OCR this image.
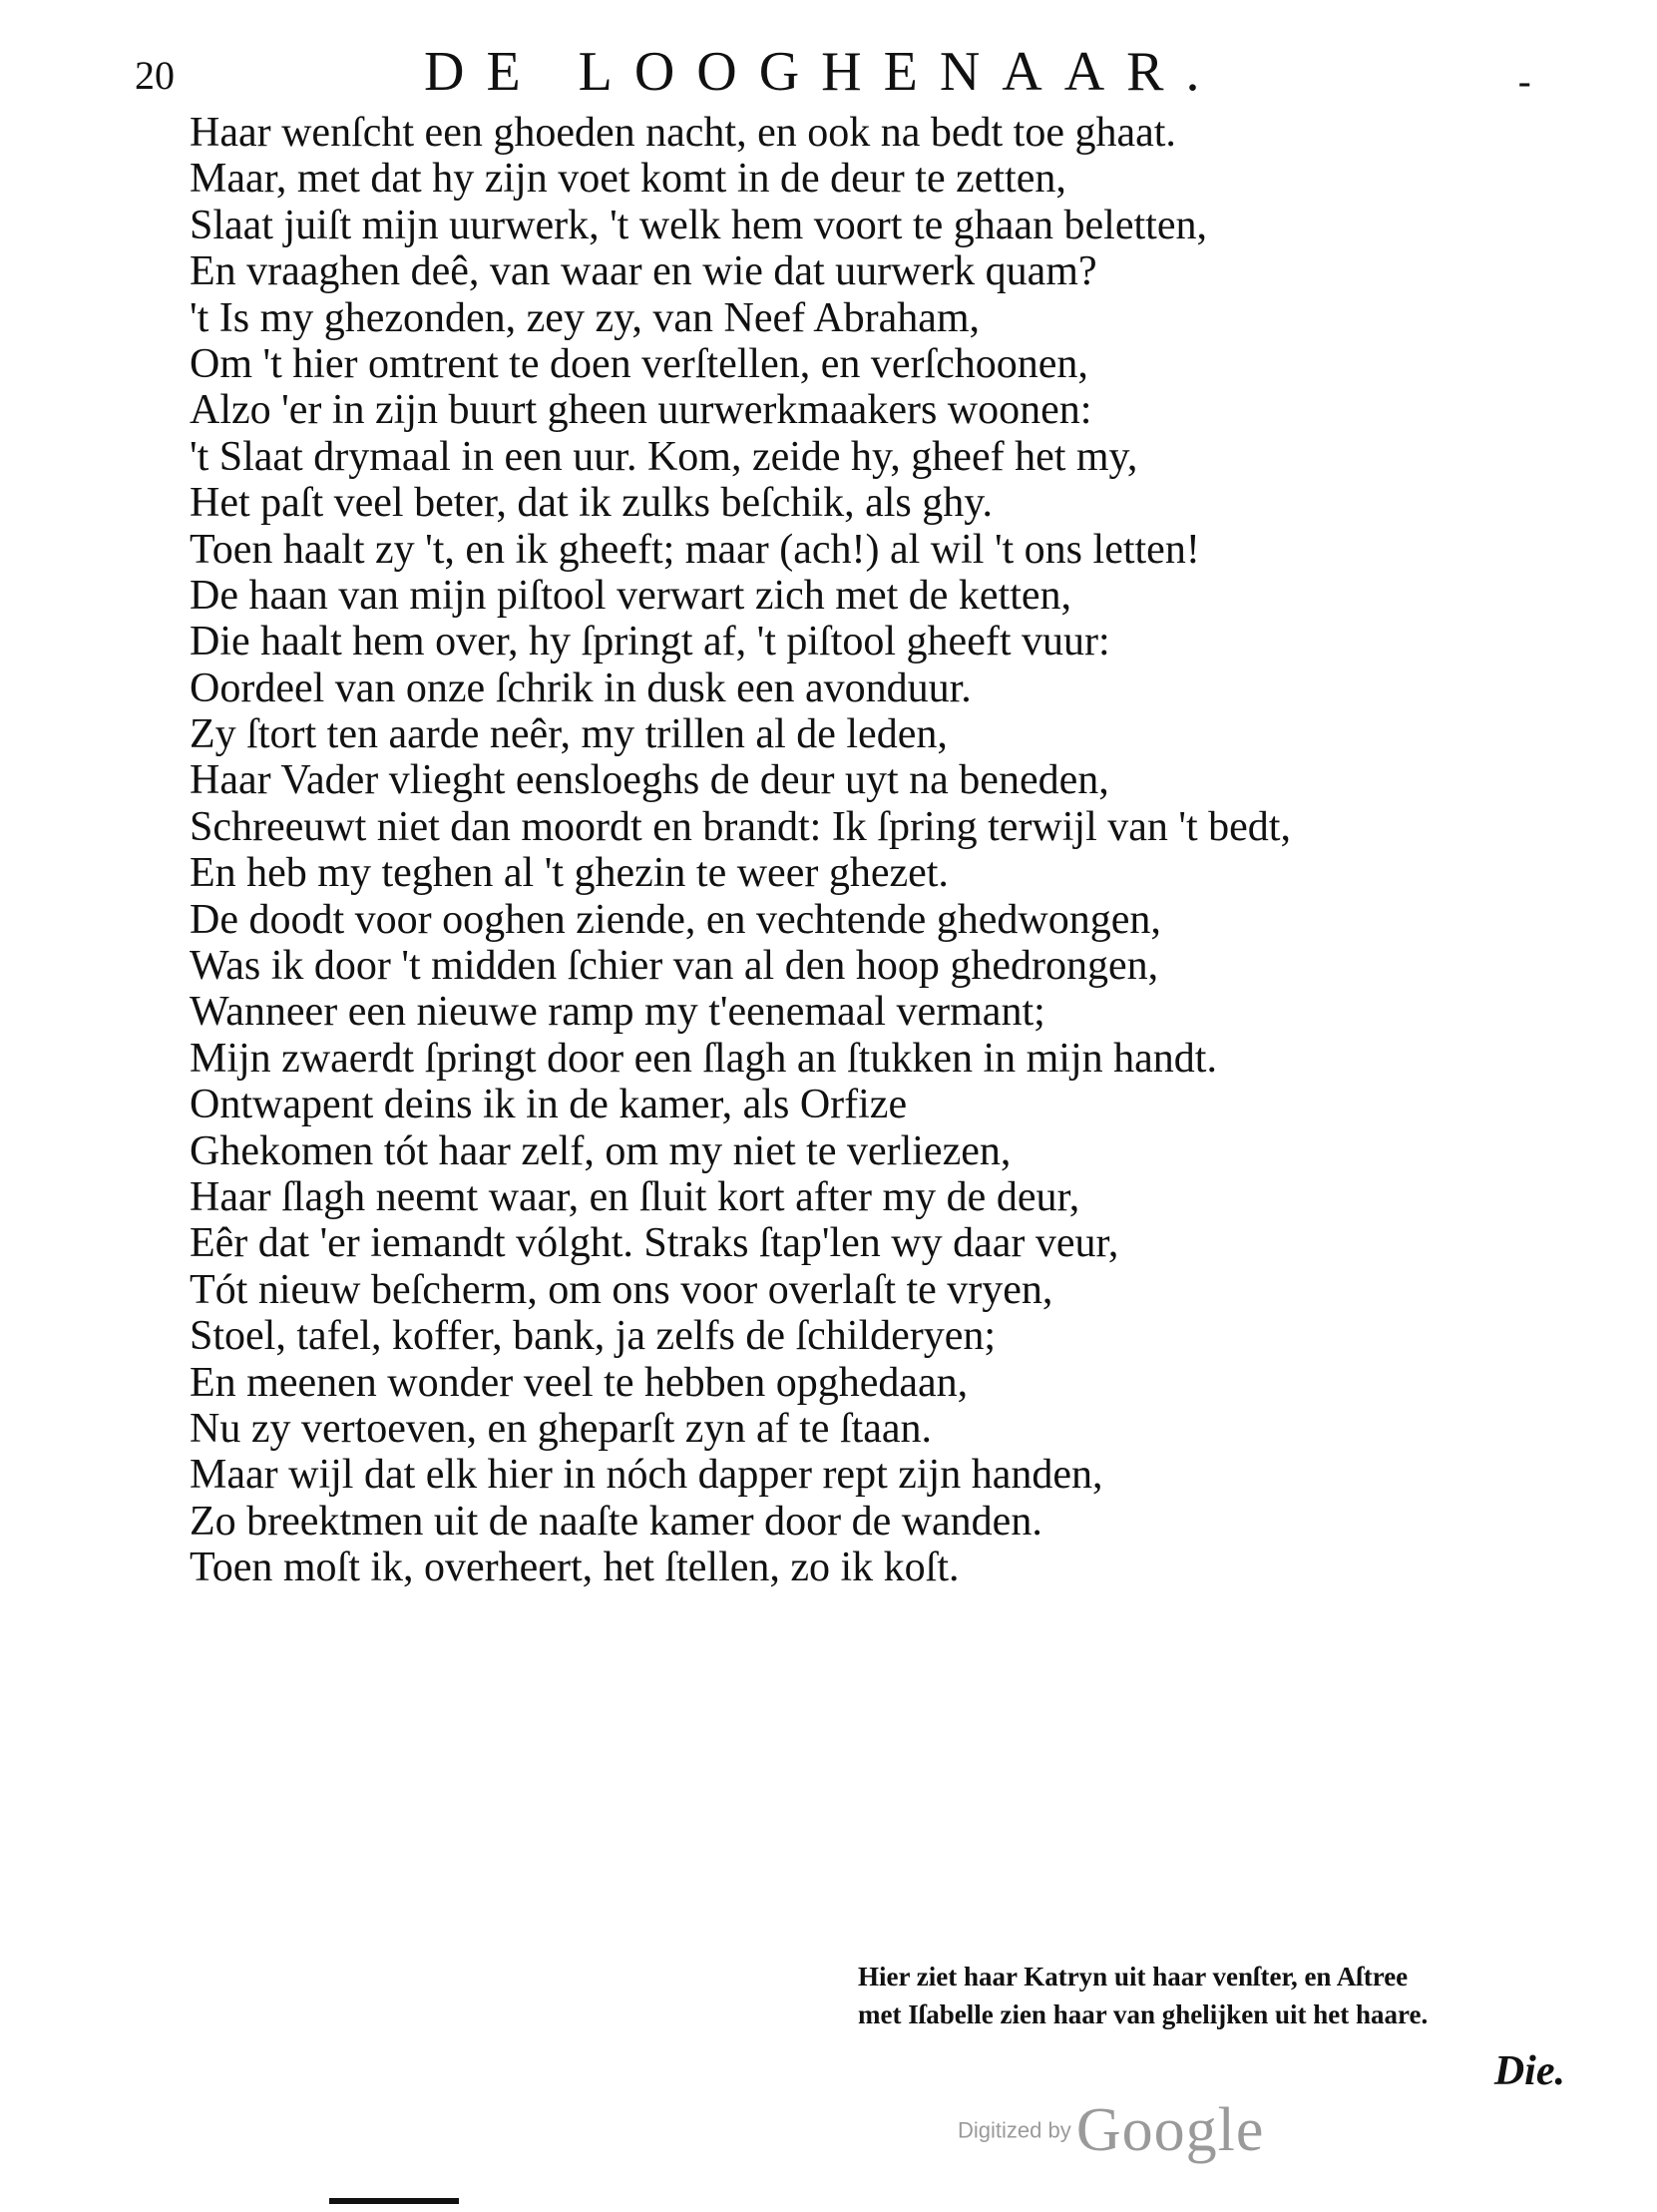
20	DE LOOGHENAAR.	-
Haar wenſcht een ghoeden nacht, en ook na bedt toe ghaat.
Maar, met dat hy zijn voet komt in de deur te zetten,
Slaat juiſt mijn uurwerk, 't welk hem voort te ghaan beletten,
En vraaghen deê, van waar en wie dat uurwerk quam?
't Is my ghezonden, zey zy, van Neef Abraham,
Om 't hier omtrent te doen verſtellen, en verſchoonen,
Alzo 'er in zijn buurt gheen uurwerkmaakers woonen:
't Slaat drymaal in een uur. Kom, zeide hy, gheef het my,
Het paſt veel beter, dat ik zulks beſchik, als ghy.
Toen haalt zy 't, en ik gheeft; maar (ach!) al wil 't ons letten!
De haan van mijn piſtool verwart zich met de ketten,
Die haalt hem over, hy ſpringt af, 't piſtool gheeft vuur:
Oordeel van onze ſchrik in dusk een avonduur.
Zy ſtort ten aarde neêr, my trillen al de leden,
Haar Vader vlieght eensloeghs de deur uyt na beneden,
Schreeuwt niet dan moordt en brandt: Ik ſpring terwijl van 't bedt,
En heb my teghen al 't ghezin te weer ghezet.
De doodt voor ooghen ziende, en vechtende ghedwongen,
Was ik door 't midden ſchier van al den hoop ghedrongen,
Wanneer een nieuwe ramp my t'eenemaal vermant;
Mijn zwaerdt ſpringt door een ſlagh an ſtukken in mijn handt.
Ontwapent deins ik in de kamer, als Orfize
Ghekomen tót haar zelf, om my niet te verliezen,
Haar ſlagh neemt waar, en ſluit kort after my de deur,
Eêr dat 'er iemandt vólght. Straks ſtap'len wy daar veur,
Tót nieuw beſcherm, om ons voor overlaſt te vryen,
Stoel, tafel, koffer, bank, ja zelfs de ſchilderyen;
En meenen wonder veel te hebben opghedaan,
Nu zy vertoeven, en gheparſt zyn af te ſtaan.
Maar wijl dat elk hier in nóch dapper rept zijn handen,
Zo breektmen uit de naaſte kamer door de wanden.
Toen moſt ik, overheert, het ſtellen, zo ik koſt.
Hier ziet haar Katryn uit haar venſter, en Aſtree
met Iſabelle zien haar van ghelijken uit het haare.
Die.
Digitized by Google
